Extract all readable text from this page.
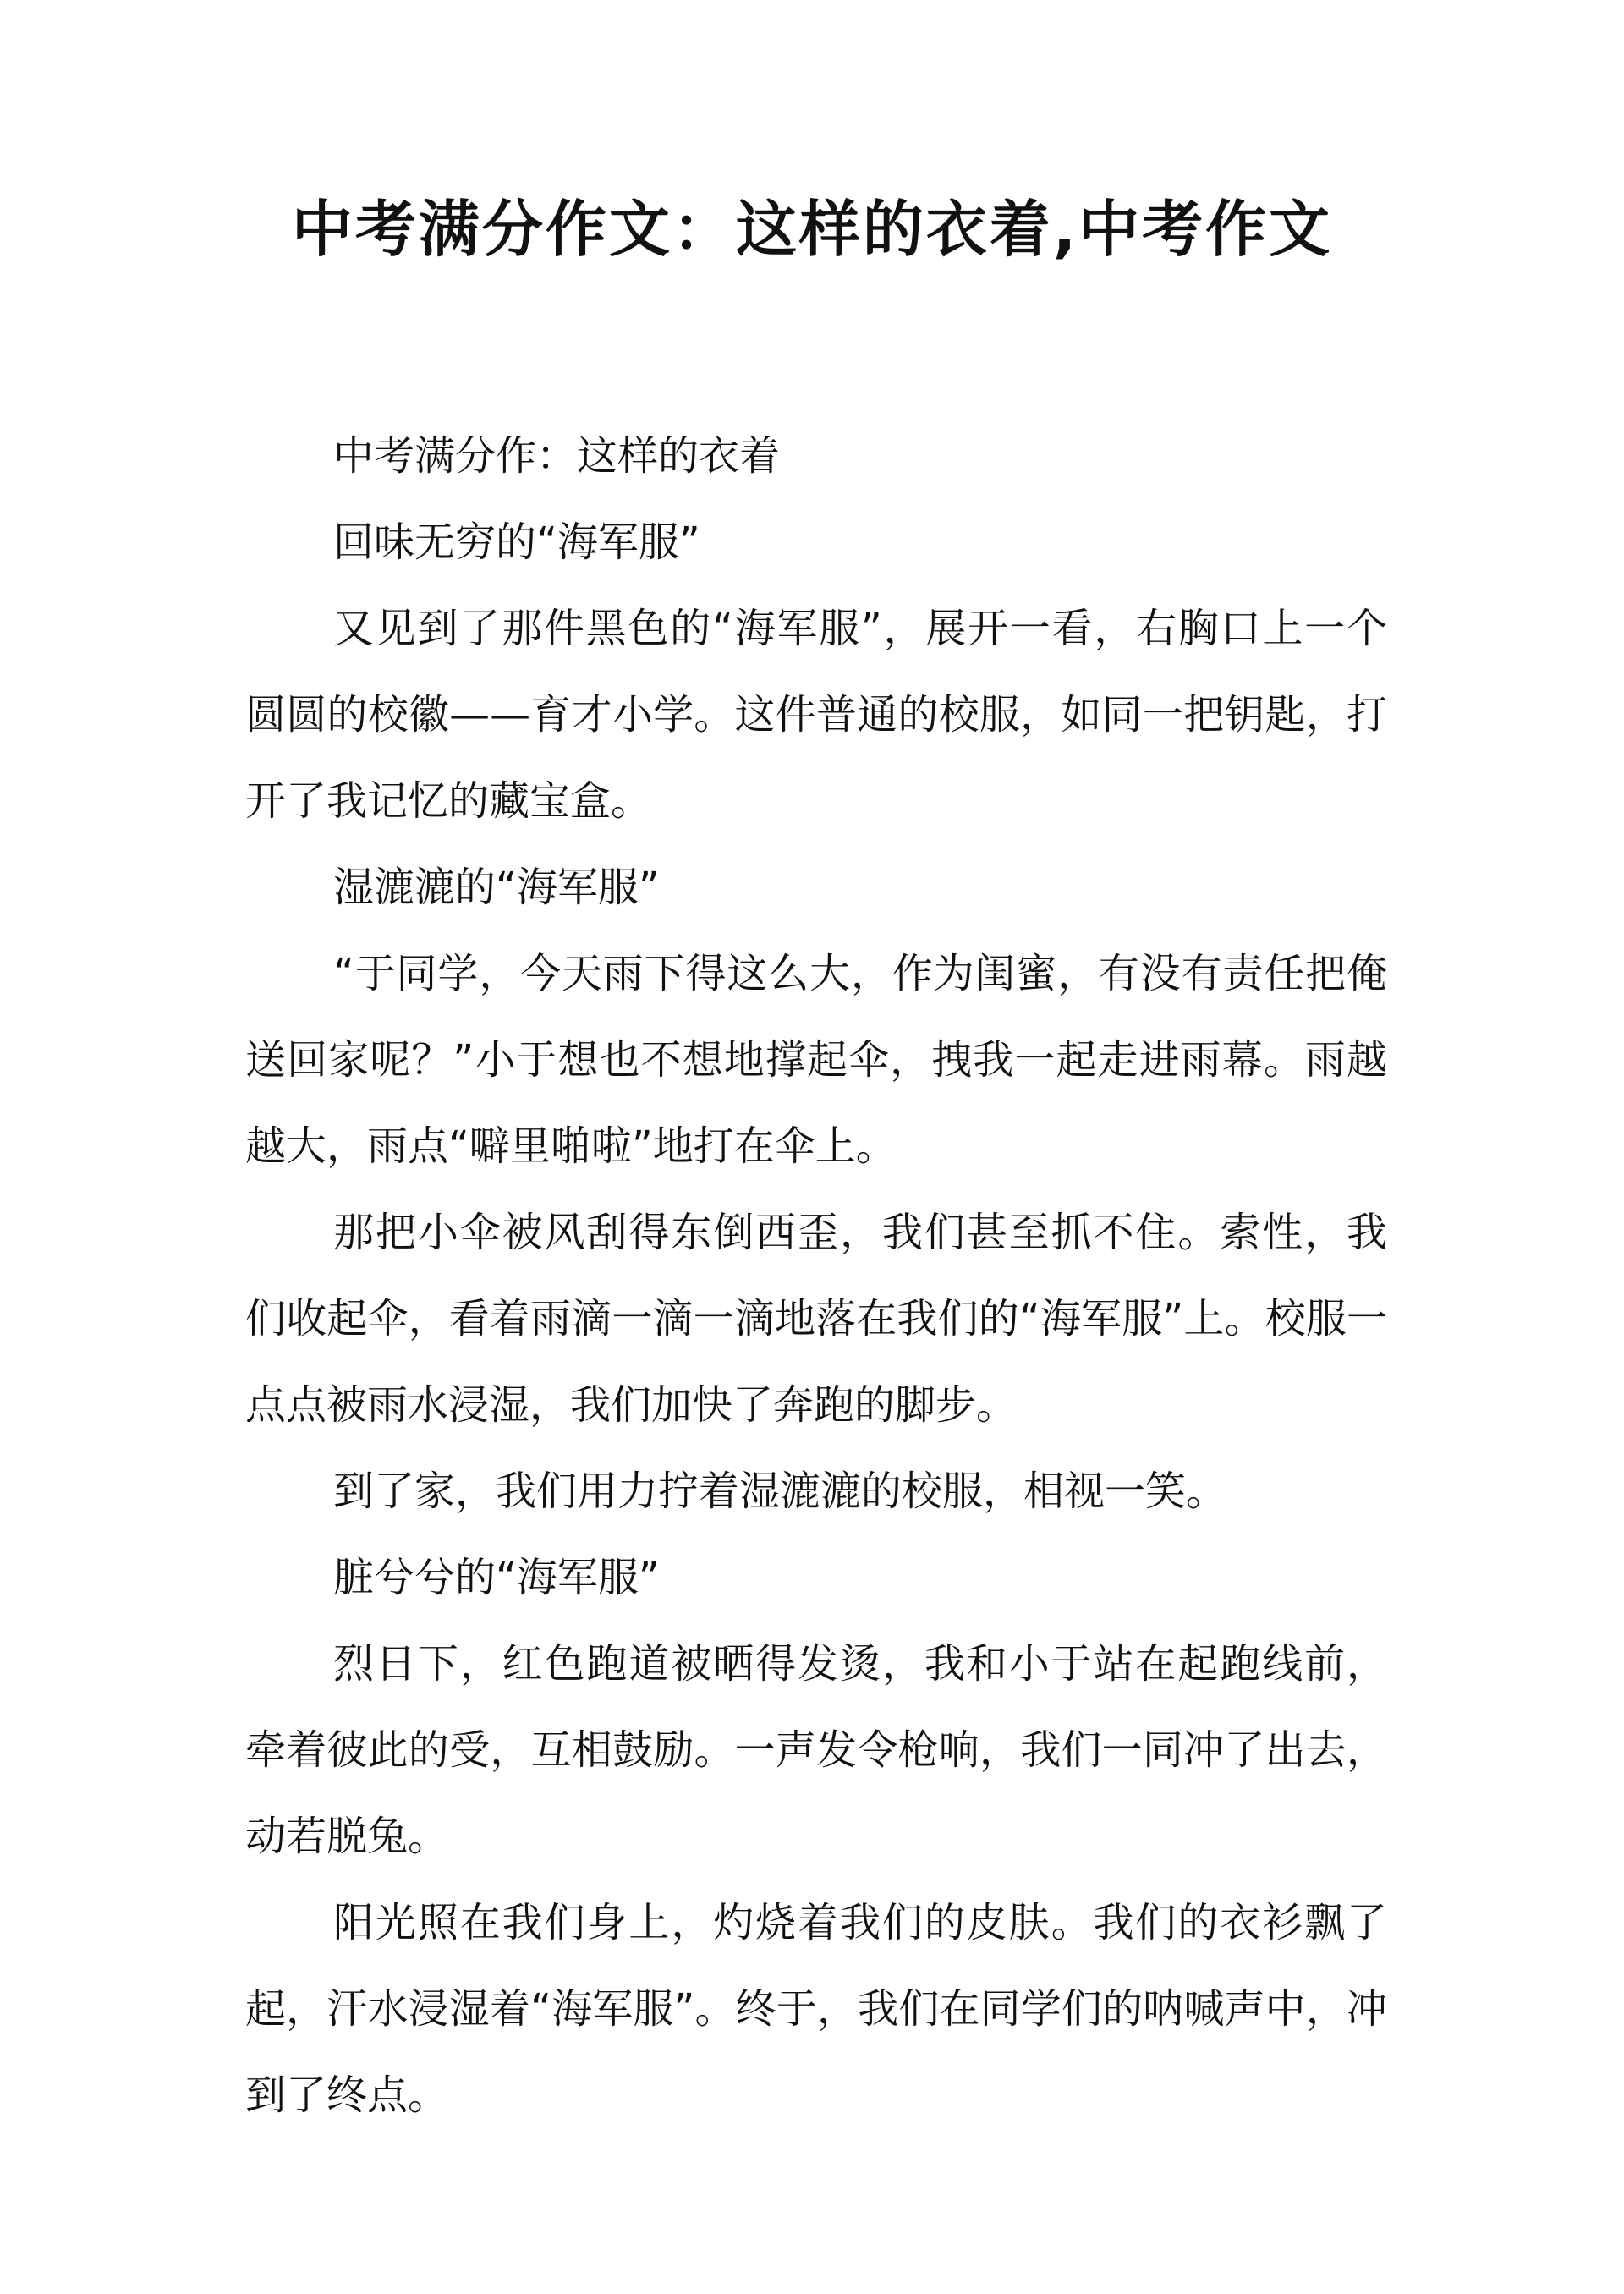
中考满分作文：这样的衣着,中考作文

中考满分作：这样的衣着

回味无穷的“海军服”

又见到了那件黑色的“海军服”，展开一看，右胸口上一个圆圆的校徽——育才小学。这件普通的校服，如同一把钥匙，打开了我记忆的藏宝盒。

湿漉漉的“海军服”

“于同学，今天雨下得这么大，作为闺蜜，有没有责任把俺送回家呢？”小于想也不想地撑起伞，拽我一起走进雨幕。雨越越大，雨点“噼里啪啦”地打在伞上。

那把小伞被风刮得东倒西歪，我们甚至抓不住。索性，我们收起伞，看着雨滴一滴一滴地落在我们的“海军服”上。校服一点点被雨水浸湿，我们加快了奔跑的脚步。

到了家，我们用力拧着湿漉漉的校服，相视一笑。

脏兮兮的“海军服”

烈日下，红色跑道被晒得发烫，我和小于站在起跑线前，牵着彼此的受，互相鼓励。一声发令枪响，我们一同冲了出去，动若脱兔。

阳光照在我们身上，灼烧着我们的皮肤。我们的衣衫飘了起，汗水浸湿着“海军服”。终于，我们在同学们的呐喊声中，冲到了终点。
